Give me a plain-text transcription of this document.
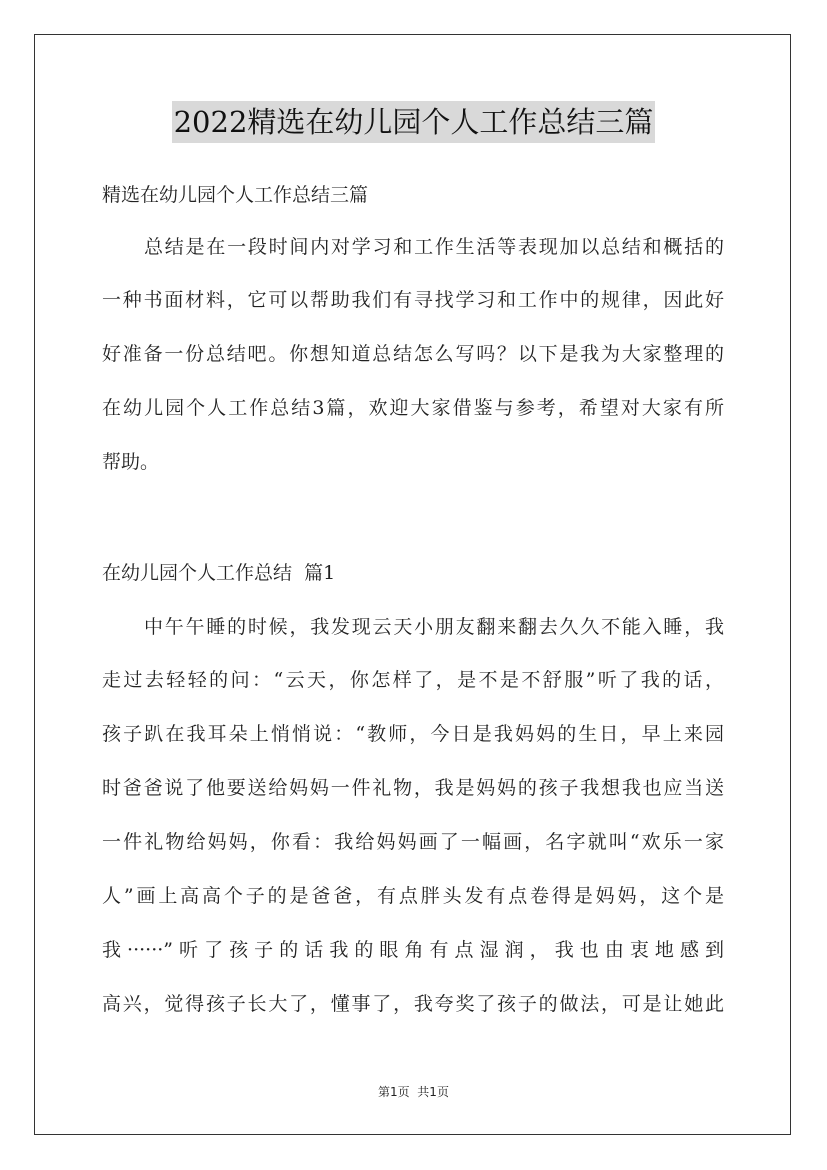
2022精选在幼儿园个人工作总结三篇
精选在幼儿园个人工作总结三篇
总结是在一段时间内对学习和工作生活等表现加以总结和概括的
一种书面材料，它可以帮助我们有寻找学习和工作中的规律，因此好
好准备一份总结吧。你想知道总结怎么写吗？以下是我为大家整理的
在幼儿园个人工作总结3篇，欢迎大家借鉴与参考，希望对大家有所
帮助。
在幼儿园个人工作总结  篇1
中午午睡的时候，我发现云天小朋友翻来翻去久久不能入睡，我
走过去轻轻的问：“云天，你怎样了，是不是不舒服”听了我的话，
孩子趴在我耳朵上悄悄说：“教师，今日是我妈妈的生日，早上来园
时爸爸说了他要送给妈妈一件礼物，我是妈妈的孩子我想我也应当送
一件礼物给妈妈，你看：我给妈妈画了一幅画，名字就叫“欢乐一家
人”画上高高个子的是爸爸，有点胖头发有点卷得是妈妈，这个是
我······”听了孩子的话我的眼角有点湿润，我也由衷地感到
高兴，觉得孩子长大了，懂事了，我夸奖了孩子的做法，可是让她此
第1页  共1页
